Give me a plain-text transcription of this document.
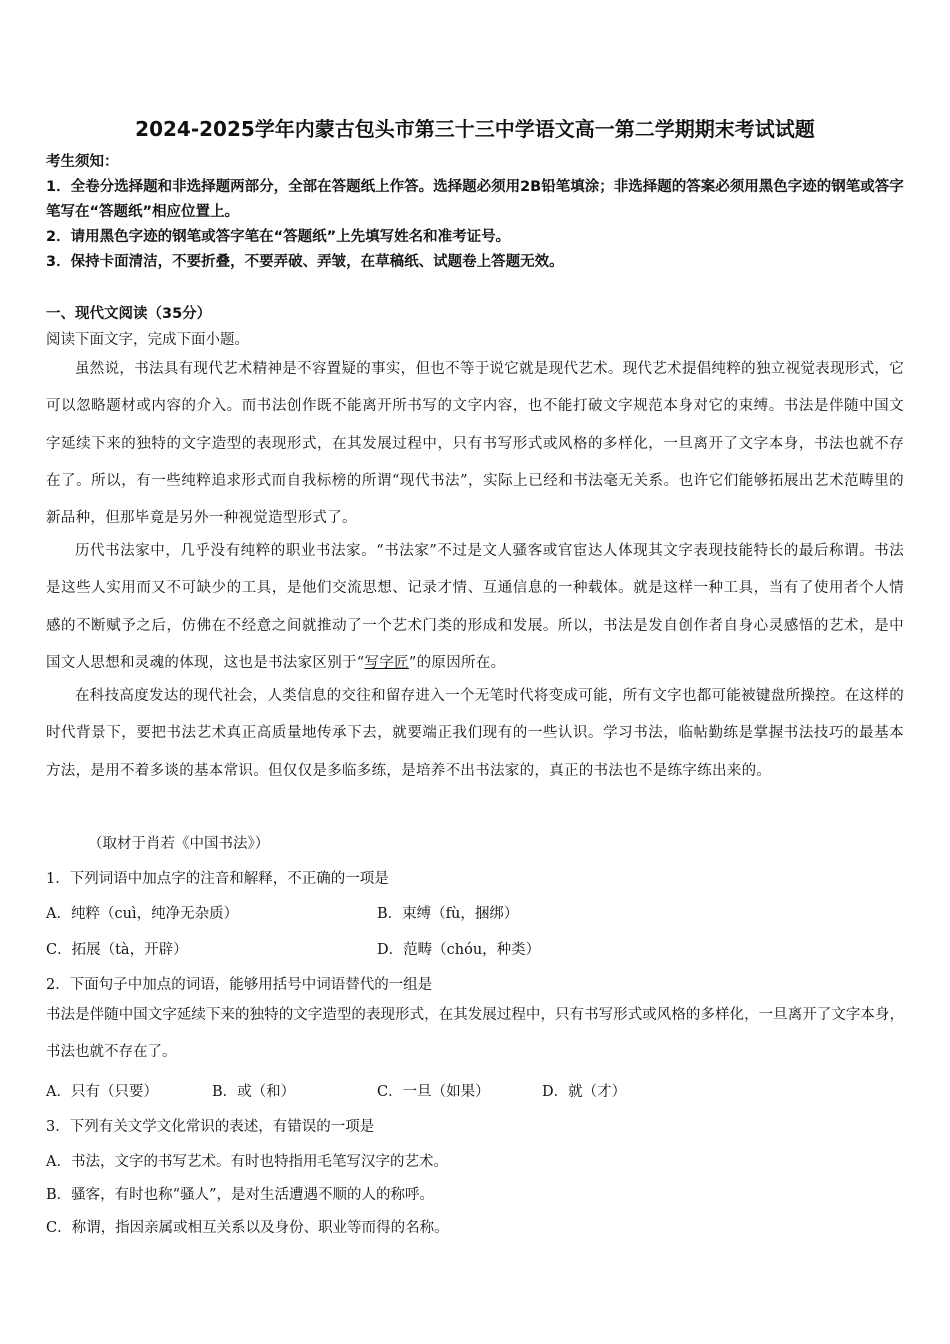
2024-2025学年内蒙古包头市第三十三中学语文高一第二学期期末考试试题
考生须知：
1．全卷分选择题和非选择题两部分，全部在答题纸上作答。选择题必须用2B铅笔填涂；非选择题的答案必须用黑色字迹的钢笔或答字笔写在“答题纸”相应位置上。
2．请用黑色字迹的钢笔或答字笔在“答题纸”上先填写姓名和准考证号。
3．保持卡面清洁，不要折叠，不要弄破、弄皱，在草稿纸、试题卷上答题无效。
一、现代文阅读（35分）
阅读下面文字，完成下面小题。
虽然说，书法具有现代艺术精神是不容置疑的事实，但也不等于说它就是现代艺术。现代艺术提倡纯粹的独立视觉表现形式，它可以忽略题材或内容的介入。而书法创作既不能离开所书写的文字内容，也不能打破文字规范本身对它的束缚。书法是伴随中国文字延续下来的独特的文字造型的表现形式，在其发展过程中，只有书写形式或风格的多样化，一旦离开了文字本身，书法也就不存在了。所以，有一些纯粹追求形式而自我标榜的所谓“现代书法”，实际上已经和书法毫无关系。也许它们能够拓展出艺术范畴里的新品种，但那毕竟是另外一种视觉造型形式了。
历代书法家中，几乎没有纯粹的职业书法家。“书法家”不过是文人骚客或官宦达人体现其文字表现技能特长的最后称谓。书法是这些人实用而又不可缺少的工具，是他们交流思想、记录才情、互通信息的一种载体。就是这样一种工具，当有了使用者个人情感的不断赋予之后，仿佛在不经意之间就推动了一个艺术门类的形成和发展。所以，书法是发自创作者自身心灵感悟的艺术，是中国文人思想和灵魂的体现，这也是书法家区别于“写字匠”的原因所在。
在科技高度发达的现代社会，人类信息的交往和留存进入一个无笔时代将变成可能，所有文字也都可能被键盘所操控。在这样的时代背景下，要把书法艺术真正高质量地传承下去，就要端正我们现有的一些认识。学习书法，临帖勤练是掌握书法技巧的最基本方法，是用不着多谈的基本常识。但仅仅是多临多练，是培养不出书法家的，真正的书法也不是练字练出来的。
（取材于肖若《中国书法》）
1．下列词语中加点字的注音和解释，不正确的一项是
A．纯粹（cuì，纯净无杂质）	B．束缚（fù，捆绑）
C．拓展（tà，开辟）	D．范畴（chóu，种类）
2．下面句子中加点的词语，能够用括号中词语替代的一组是
书法是伴随中国文字延续下来的独特的文字造型的表现形式，在其发展过程中，只有书写形式或风格的多样化，一旦离开了文字本身，书法也就不存在了。
A．只有（只要）	B．或（和）	C．一旦（如果）	D．就（才）
3．下列有关文学文化常识的表述，有错误的一项是
A．书法，文字的书写艺术。有时也特指用毛笔写汉字的艺术。
B．骚客，有时也称“骚人”，是对生活遭遇不顺的人的称呼。
C．称谓，指因亲属或相互关系以及身份、职业等而得的名称。
